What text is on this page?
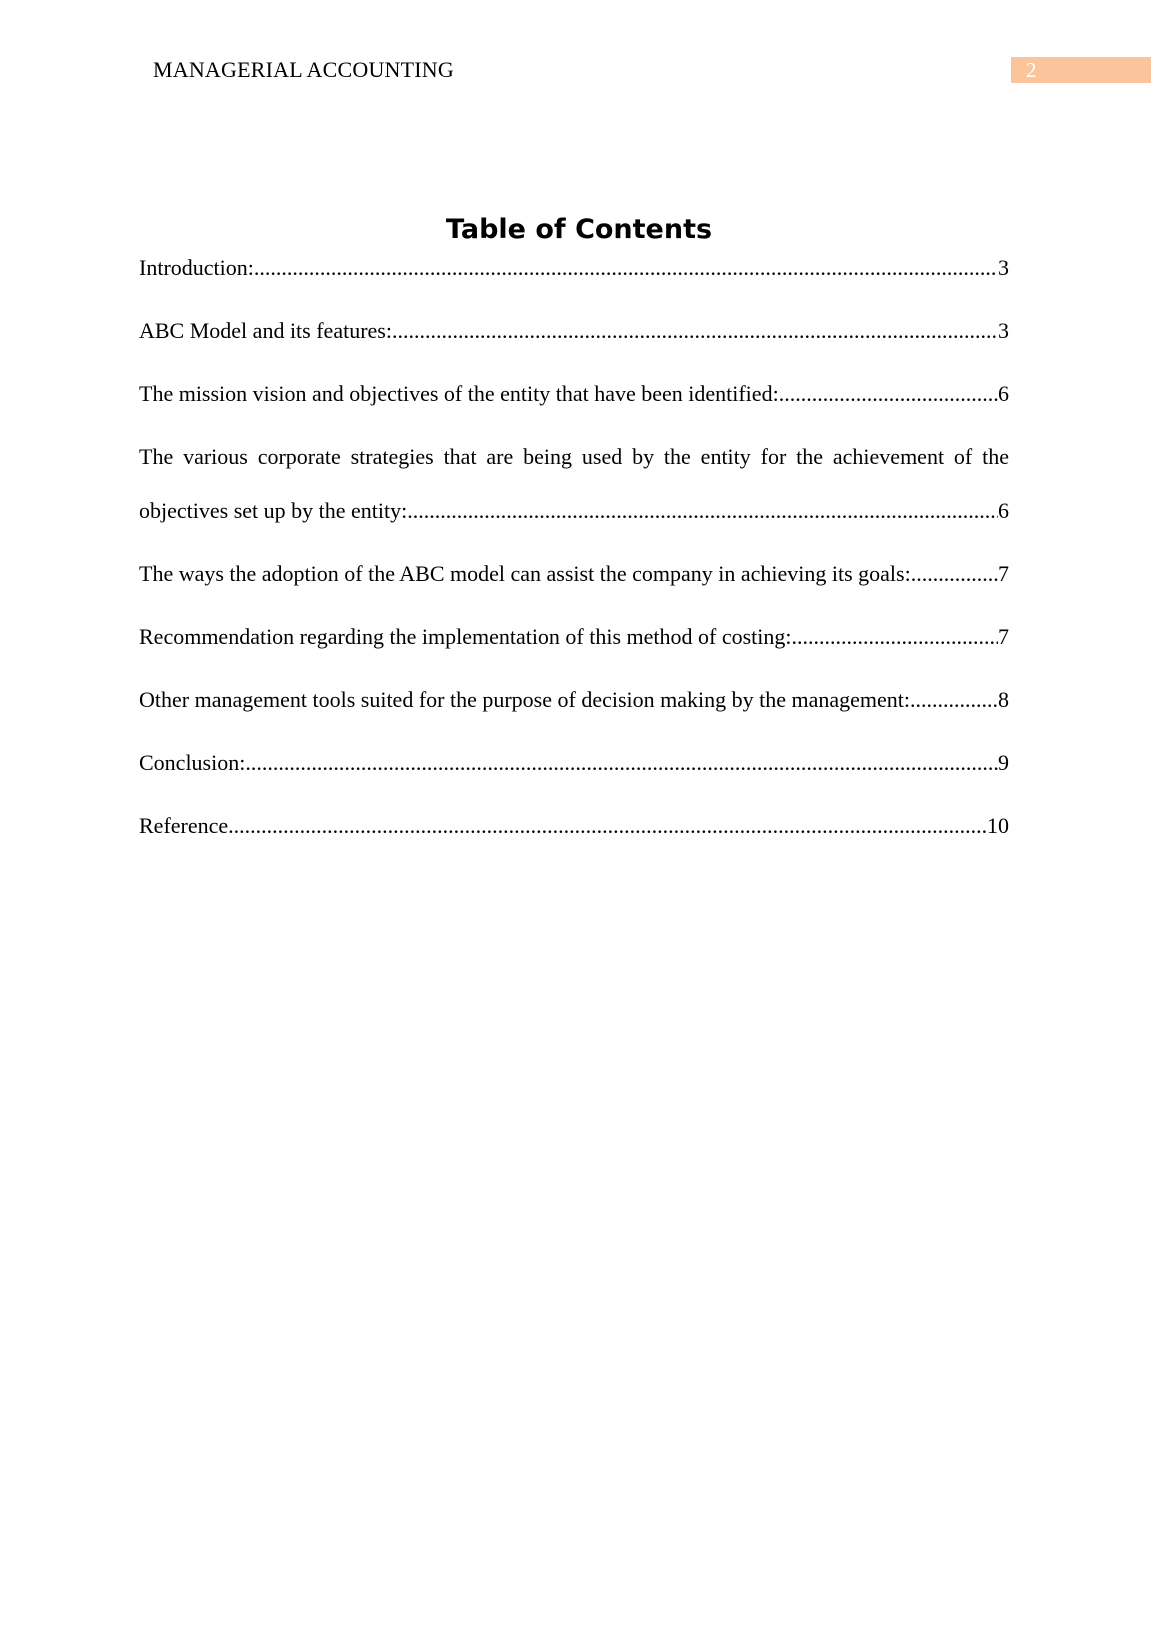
MANAGERIAL ACCOUNTING	2
Table of Contents
Introduction: .....	3
ABC Model and its features: .....	3
The mission vision and objectives of the entity that have been identified: .....	6
The various corporate strategies that are being used by the entity for the achievement of the
objectives set up by the entity: .....	6
The ways the adoption of the ABC model can assist the company in achieving its goals: .....	7
Recommendation regarding the implementation of this method of costing: .....	7
Other management tools suited for the purpose of decision making by the management: .....	8
Conclusion: .....	9
Reference .....	10
